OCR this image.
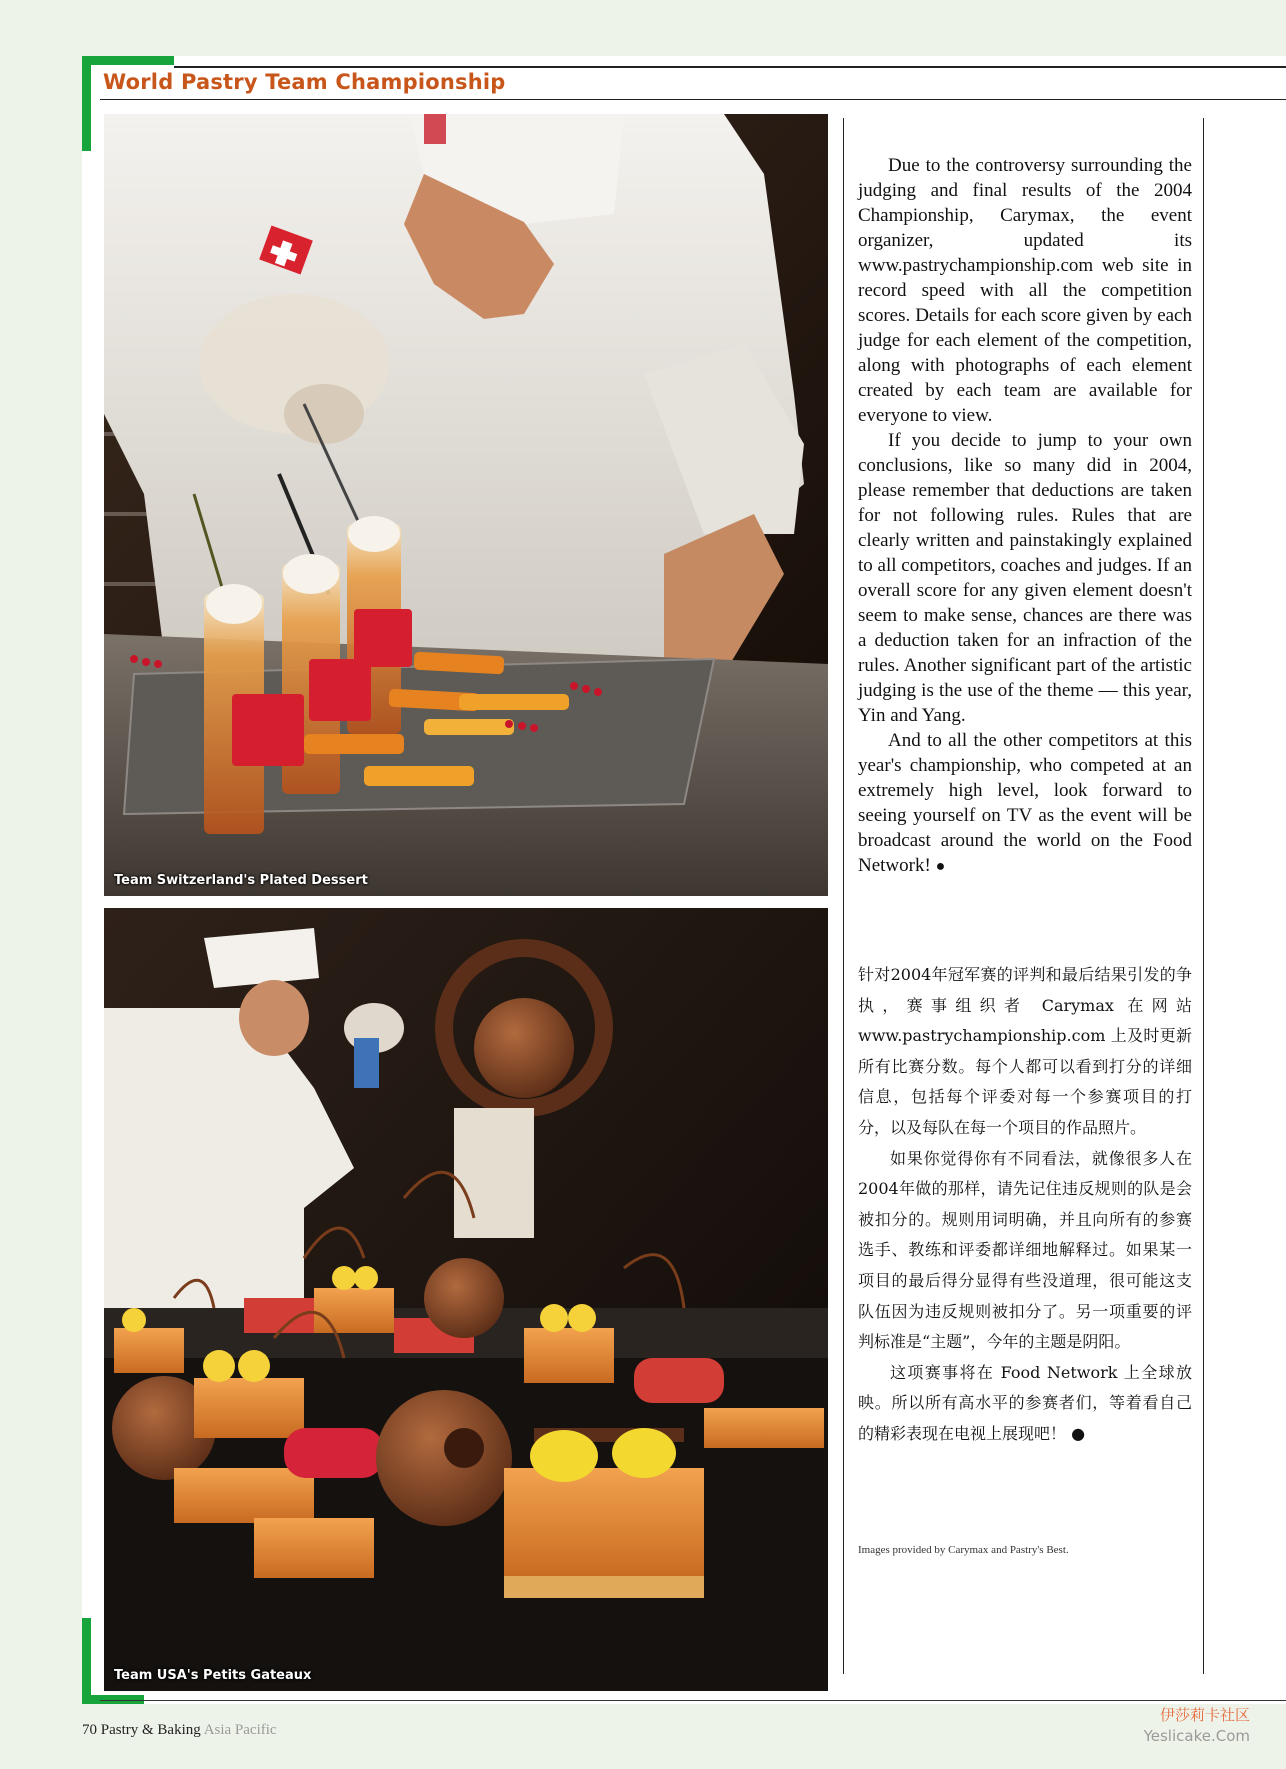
World Pastry Team Championship
Team Switzerland's Plated Dessert
Team USA's Petits Gateaux

Due to the controversy surrounding the judging and final results of the 2004 Championship, Carymax, the event organizer, updated its www.pastrychampionship.com web site in record speed with all the competition scores. Details for each score given by each judge for each element of the competition, along with photographs of each element created by each team are available for everyone to view.

If you decide to jump to your own conclusions, like so many did in 2004, please remember that deductions are taken for not following rules. Rules that are clearly written and painstakingly explained to all competitors, coaches and judges. If an overall score for any given element doesn't seem to make sense, chances are there was a deduction taken for an infraction of the rules. Another significant part of the artistic judging is the use of the theme — this year, Yin and Yang.

And to all the other competitors at this year's championship, who competed at an extremely high level, look forward to seeing yourself on TV as the event will be broadcast around the world on the Food Network! ●

针对2004年冠军赛的评判和最后结果引发的争执，赛事组织者 Carymax 在网站 www.pastrychampionship.com 上及时更新所有比赛分数。每个人都可以看到打分的详细信息，包括每个评委对每一个参赛项目的打分，以及每队在每一个项目的作品照片。

如果你觉得你有不同看法，就像很多人在2004年做的那样，请先记住违反规则的队是会被扣分的。规则用词明确，并且向所有的参赛选手、教练和评委都详细地解释过。如果某一项目的最后得分显得有些没道理，很可能这支队伍因为违反规则被扣分了。另一项重要的评判标准是“主题”，今年的主题是阴阳。

这项赛事将在 Food Network 上全球放映。所以所有高水平的参赛者们，等着看自己的精彩表现在电视上展现吧！ ●

Images provided by Carymax and Pastry's Best.
70 Pastry & Baking Asia Pacific
伊莎莉卡社区
Yeslicake.Com
